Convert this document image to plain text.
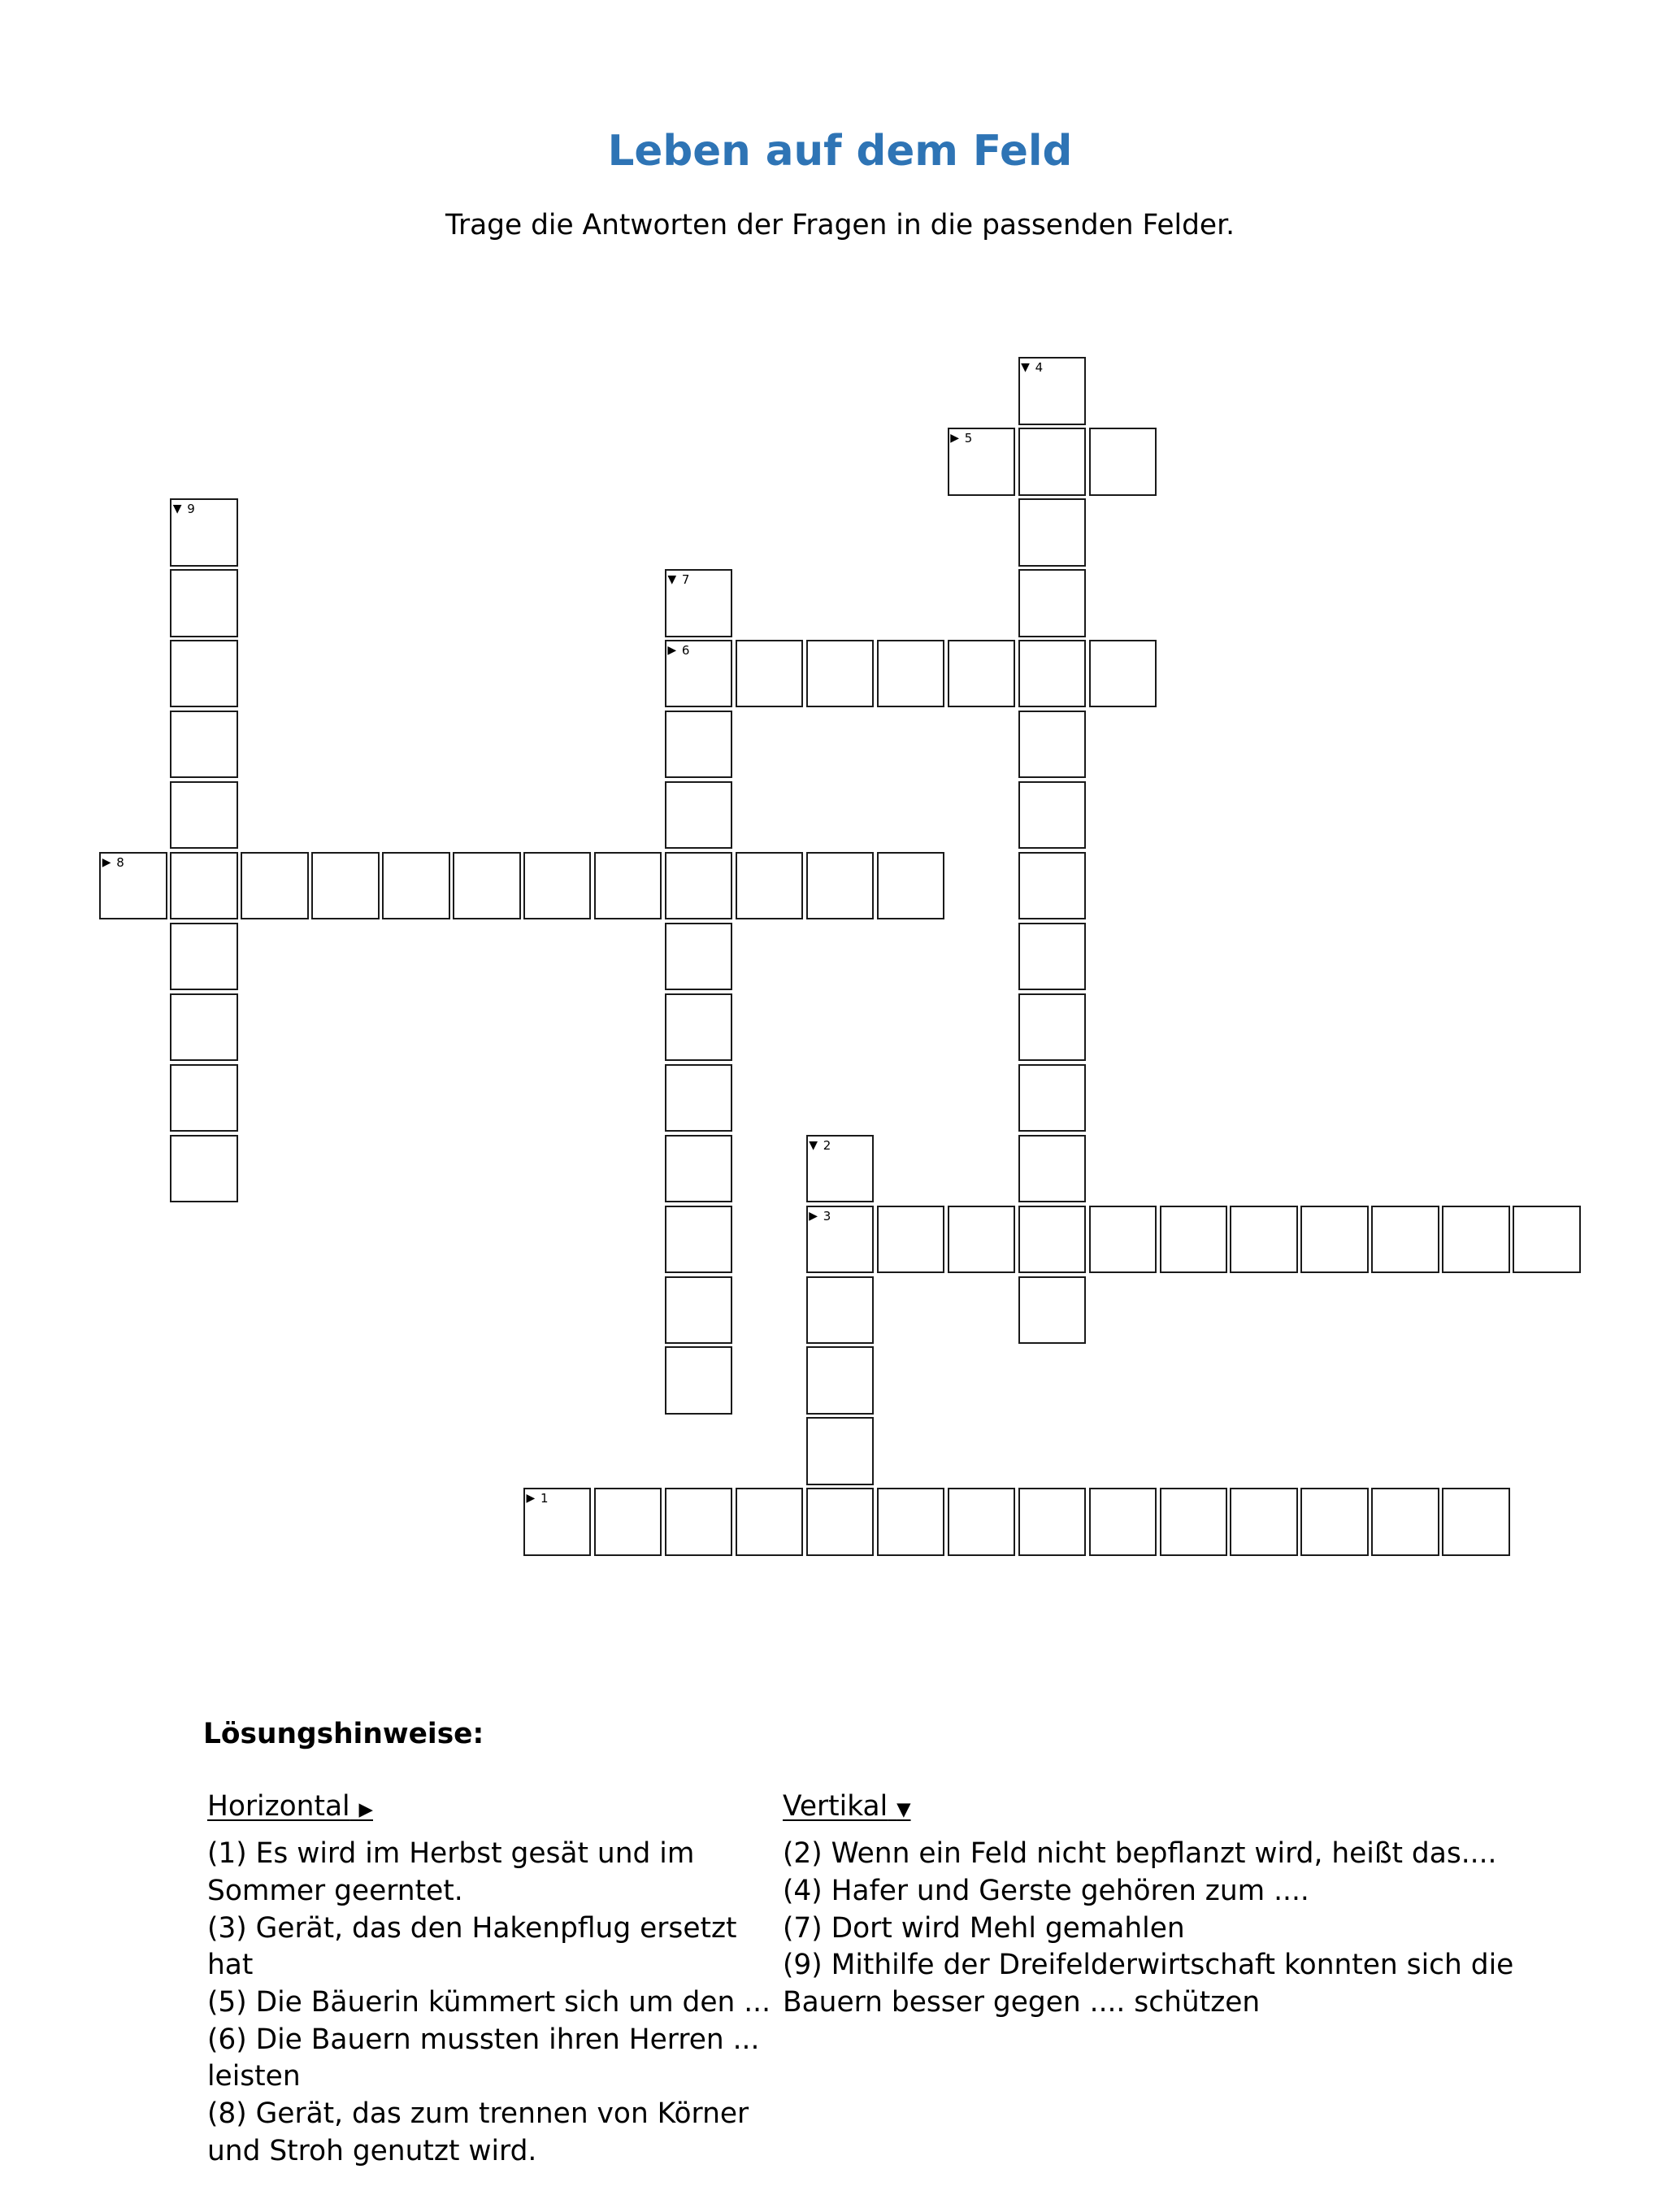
Leben auf dem Feld

Trage die Antworten der Fragen in die passenden Felder.

▶ 1
▼ 2
▶ 3
▼ 4
▶ 5
▶ 6
▼ 7
▶ 8
▼ 9
Lösungshinweise:
Horizontal ▶
(1) Es wird im Herbst gesät und im Sommer geerntet.
(3) Gerät, das den Hakenpflug ersetzt hat
(5) Die Bäuerin kümmert sich um den ...
(6) Die Bauern mussten ihren Herren ... leisten
(8) Gerät, das zum trennen von Körner und Stroh genutzt wird.
Vertikal ▼
(2) Wenn ein Feld nicht bepflanzt wird, heißt das....
(4) Hafer und Gerste gehören zum ....
(7) Dort wird Mehl gemahlen
(9) Mithilfe der Dreifelderwirtschaft konnten sich die Bauern besser gegen .... schützen
